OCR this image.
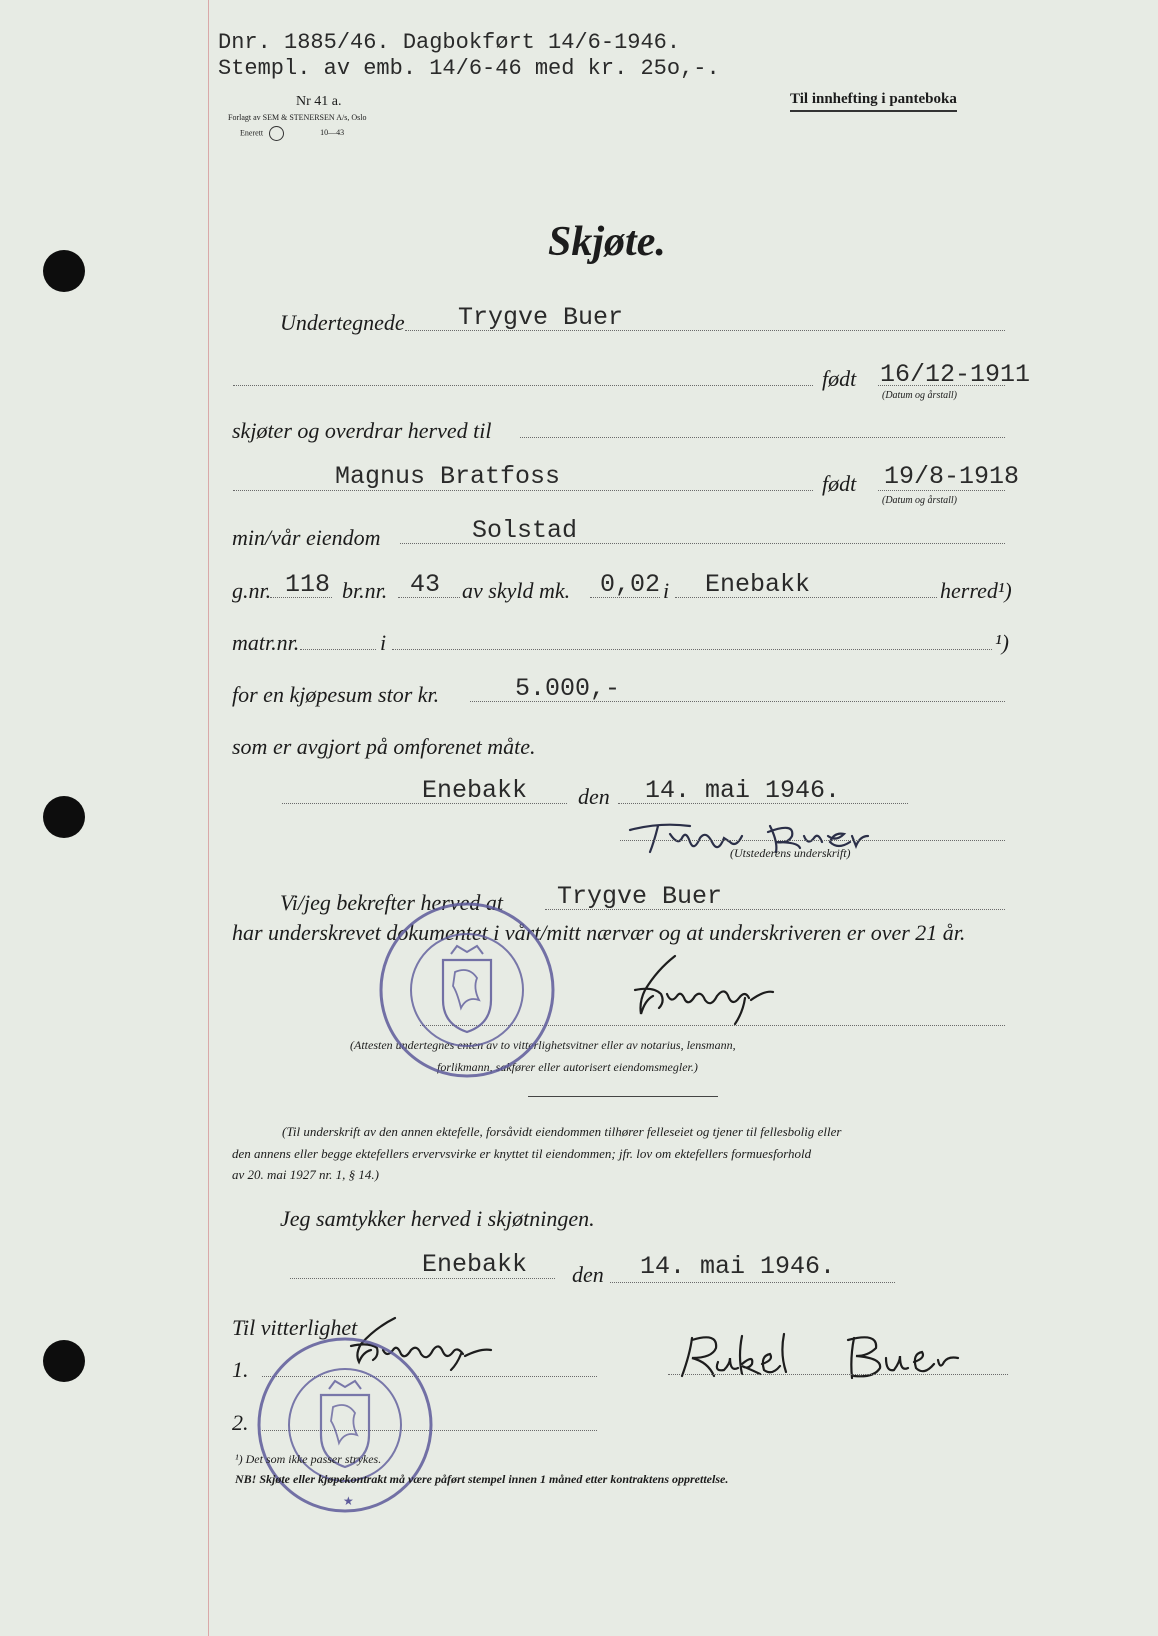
Dnr. 1885/46. Dagbokført 14/6-1946.
Stempl. av emb. 14/6-46 med kr. 25o,-.
Nr 41 a.
Forlagt av SEM & STENERSEN A/s, Oslo
Enerett	10—43
Til innhefting i panteboka
Skjøte.
Undertegnede Trygve Buer
født 16/12-1911
(Datum og årstall)
skjøter og overdrar herved til
Magnus Bratfoss	født 19/8-1918
(Datum og årstall)
min/vår eiendom	Solstad
g.nr. 118 br.nr. 43 av skyld mk. 0,02 i Enebakk	herred¹)
matr.nr.	i	¹)
for en kjøpesum stor kr.	5.000,-
som er avgjort på omforenet måte.
Enebakk den 14. mai 1946.
(Utstederens underskrift)
Vi/jeg bekrefter herved at Trygve Buer
har underskrevet dokumentet i vårt/mitt nærvær og at underskriveren er over 21 år.
(Attesten undertegnes enten av to vitterlighetsvitner eller av notarius, lensmann,
forlikmann, sakfører eller autorisert eiendomsmegler.)
(Til underskrift av den annen ektefelle, forsåvidt eiendommen tilhører felleseiet og tjener til fellesbolig eller
den annens eller begge ektefellers ervervsvirke er knyttet til eiendommen; jfr. lov om ektefellers formuesforhold
av 20. mai 1927 nr. 1, § 14.)
Jeg samtykker herved i skjøtningen.
Enebakk den 14. mai 1946.
Til vitterlighet
1.
2.
★
¹) Det som ikke passer strykes.
NB! Skjøte eller kjøpekontrakt må være påført stempel innen 1 måned etter kontraktens opprettelse.
